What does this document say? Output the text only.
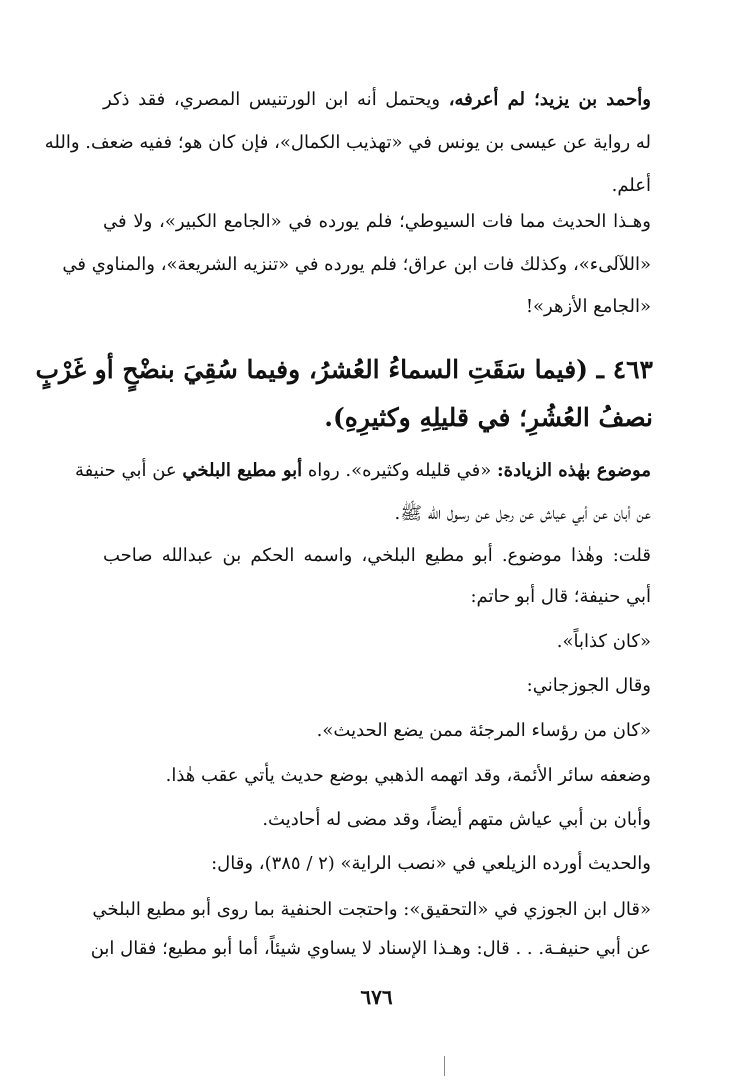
وأحمد بن يزيد؛ لم أعرفه، ويحتمل أنه ابن الورتنيس المصري، فقد ذكر
له رواية عن عيسى بن يونس في «تهذيب الكمال»، فإن كان هو؛ ففيه ضعف. والله
أعلم.
وهـذا الحديث مما فات السيوطي؛ فلم يورده في «الجامع الكبير»، ولا في
«اللآلىء»، وكذلك فات ابن عراق؛ فلم يورده في «تنزيه الشريعة»، والمناوي في
«الجامع الأزهر»!
٤٦٣ ـ (فيما سَقَتِ السماءُ العُشرُ، وفيما سُقِيَ بنضْحٍ أو غَرْبٍ
نصفُ العُشُرِ؛ في قليلِهِ وكثيرِهِ).
موضوع بهٰذه الزيادة: «في قليله وكثيره». رواه أبو مطيع البلخي عن أبي حنيفة
عن أبان عن أبي عياش عن رجل عن رسول الله ﷺ.
قلت: وهٰذا موضوع. أبو مطيع البلخي، واسمه الحكم بن عبدالله صاحب
أبي حنيفة؛ قال أبو حاتم:
«كان كذاباً».
وقال الجوزجاني:
«كان من رؤساء المرجئة ممن يضع الحديث».
وضعفه سائر الأئمة، وقد اتهمه الذهبي بوضع حديث يأتي عقب هٰذا.
وأبان بن أبي عياش متهم أيضاً، وقد مضى له أحاديث.
والحديث أورده الزيلعي في «نصب الراية» (٢ / ٣٨٥)، وقال:
«قال ابن الجوزي في «التحقيق»: واحتجت الحنفية بما روى أبو مطيع البلخي
عن أبي حنيفـة. . . قال: وهـذا الإسناد لا يساوي شيئاً، أما أبو مطيع؛ فقال ابن
٦٧٦
